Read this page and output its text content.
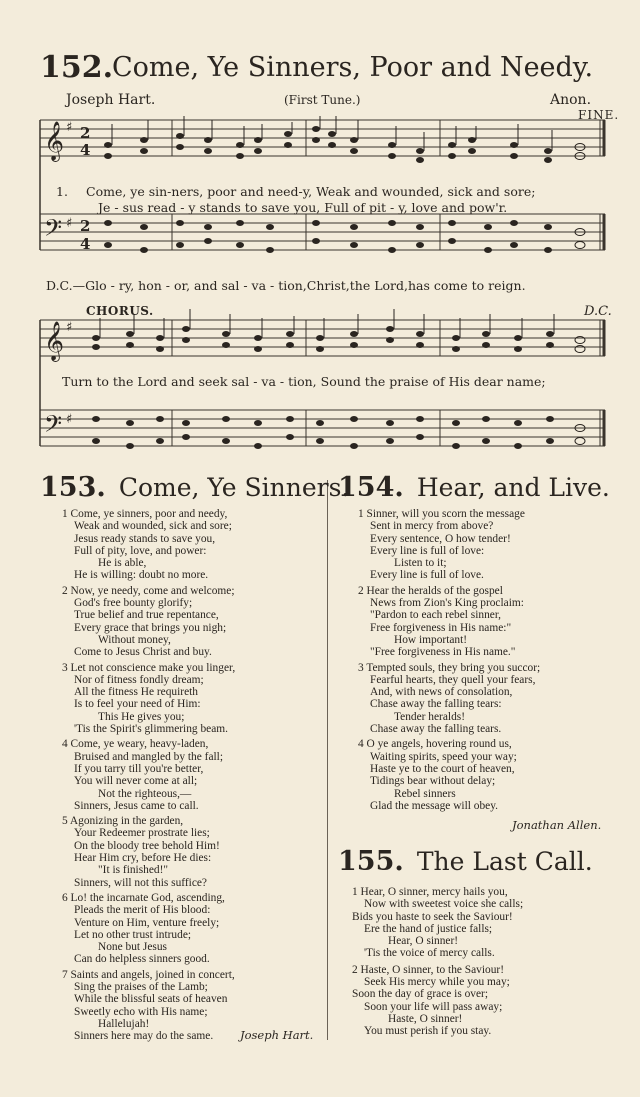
152.
Come, Ye Sinners, Poor and Needy.
Joseph Hart.	(First Tune.)	Anon.
FINE.
𝄞
𝄢
𝄞
𝄢
♯
♯
♯
♯
2
4
2
4
1. Come, ye sin-ners, poor and need-y, Weak and wounded, sick and sore;
Je - sus read - y stands to save you, Full of pit - y, love and pow'r.
D.C.—Glo - ry, hon - or, and sal - va - tion,Christ,the Lord,has come to reign.
CHORUS.	D.C.
Turn to the Lord and seek sal - va - tion, Sound the praise of His dear name;
153. Come, Ye Sinners.
1 Come, ye sinners, poor and needy,
Weak and wounded, sick and sore;
Jesus ready stands to save you,
Full of pity, love, and power:
He is able,
He is willing: doubt no more.
2 Now, ye needy, come and welcome;
God's free bounty glorify;
True belief and true repentance,
Every grace that brings you nigh;
Without money,
Come to Jesus Christ and buy.
3 Let not conscience make you linger,
Nor of fitness fondly dream;
All the fitness He requireth
Is to feel your need of Him:
This He gives you;
'Tis the Spirit's glimmering beam.
4 Come, ye weary, heavy-laden,
Bruised and mangled by the fall;
If you tarry till you're better,
You will never come at all;
Not the righteous,—
Sinners, Jesus came to call.
5 Agonizing in the garden,
Your Redeemer prostrate lies;
On the bloody tree behold Him!
Hear Him cry, before He dies:
"It is finished!"
Sinners, will not this suffice?
6 Lo! the incarnate God, ascending,
Pleads the merit of His blood:
Venture on Him, venture freely;
Let no other trust intrude;
None but Jesus
Can do helpless sinners good.
7 Saints and angels, joined in concert,
Sing the praises of the Lamb;
While the blissful seats of heaven
Sweetly echo with His name;
Hallelujah!
Sinners here may do the same.	Joseph Hart.
154. Hear, and Live.
1 Sinner, will you scorn the message
Sent in mercy from above?
Every sentence, O how tender!
Every line is full of love:
Listen to it;
Every line is full of love.
2 Hear the heralds of the gospel
News from Zion's King proclaim:
"Pardon to each rebel sinner,
Free forgiveness in His name:"
How important!
"Free forgiveness in His name."
3 Tempted souls, they bring you succor;
Fearful hearts, they quell your fears,
And, with news of consolation,
Chase away the falling tears:
Tender heralds!
Chase away the falling tears.
4 O ye angels, hovering round us,
Waiting spirits, speed your way;
Haste ye to the court of heaven,
Tidings bear without delay;
Rebel sinners
Glad the message will obey.
Jonathan Allen.
155. The Last Call.
1 Hear, O sinner, mercy hails you,
Now with sweetest voice she calls;
Bids you haste to seek the Saviour!
Ere the hand of justice falls;
Hear, O sinner!
'Tis the voice of mercy calls.
2 Haste, O sinner, to the Saviour!
Seek His mercy while you may;
Soon the day of grace is over;
Soon your life will pass away;
Haste, O sinner!
You must perish if you stay.
